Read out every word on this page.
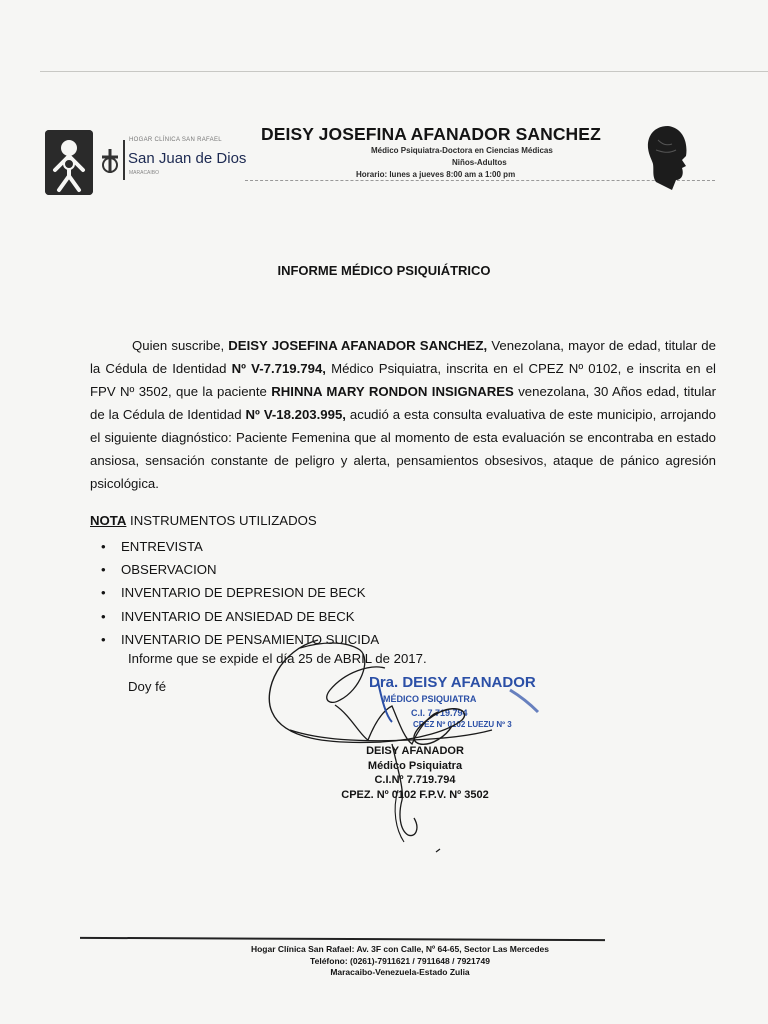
HOGAR CLÍNICA SAN RAFAEL
San Juan de Dios
MARACAIBO
DEISY JOSEFINA AFANADOR SANCHEZ
Médico Psiquiatra-Doctora en Ciencias Médicas
Niños-Adultos
Horario: lunes a jueves 8:00 am a 1:00 pm
INFORME MÉDICO PSIQUIÁTRICO

Quien suscribe, DEISY JOSEFINA AFANADOR SANCHEZ, Venezolana, mayor de edad, titular de la Cédula de Identidad Nº V-7.719.794, Médico Psiquiatra, inscrita en el CPEZ Nº 0102, e inscrita en el FPV Nº 3502, que la paciente RHINNA MARY RONDON INSIGNARES venezolana, 30 Años edad, titular de la Cédula de Identidad Nº V-18.203.995, acudió a esta consulta evaluativa de este municipio, arrojando el siguiente diagnóstico: Paciente Femenina que al momento de esta evaluación se encontraba en estado ansiosa, sensación constante de peligro y alerta, pensamientos obsesivos, ataque de pánico agresión psicológica.

NOTA INSTRUMENTOS UTILIZADOS
• ENTREVISTA
• OBSERVACION
• INVENTARIO DE DEPRESION DE BECK
• INVENTARIO DE ANSIEDAD DE BECK
• INVENTARIO DE PENSAMIENTO SUICIDA
Informe que se expide el día 25 de ABRIL de 2017.
Doy fé	Dra. DEISY AFANADOR
MÉDICO PSIQUIATRA
C.I. 7.719.794
CPEZ Nº 0102 LUEZU Nº 3
DEISY AFANADOR
Médico Psiquiatra
C.I.Nº 7.719.794
CPEZ. Nº 0102 F.P.V. Nº 3502
Hogar Clínica San Rafael: Av. 3F con Calle, Nº 64-65, Sector Las Mercedes
Teléfono: (0261)-7911621 / 7911648 / 7921749
Maracaibo-Venezuela-Estado Zulia
